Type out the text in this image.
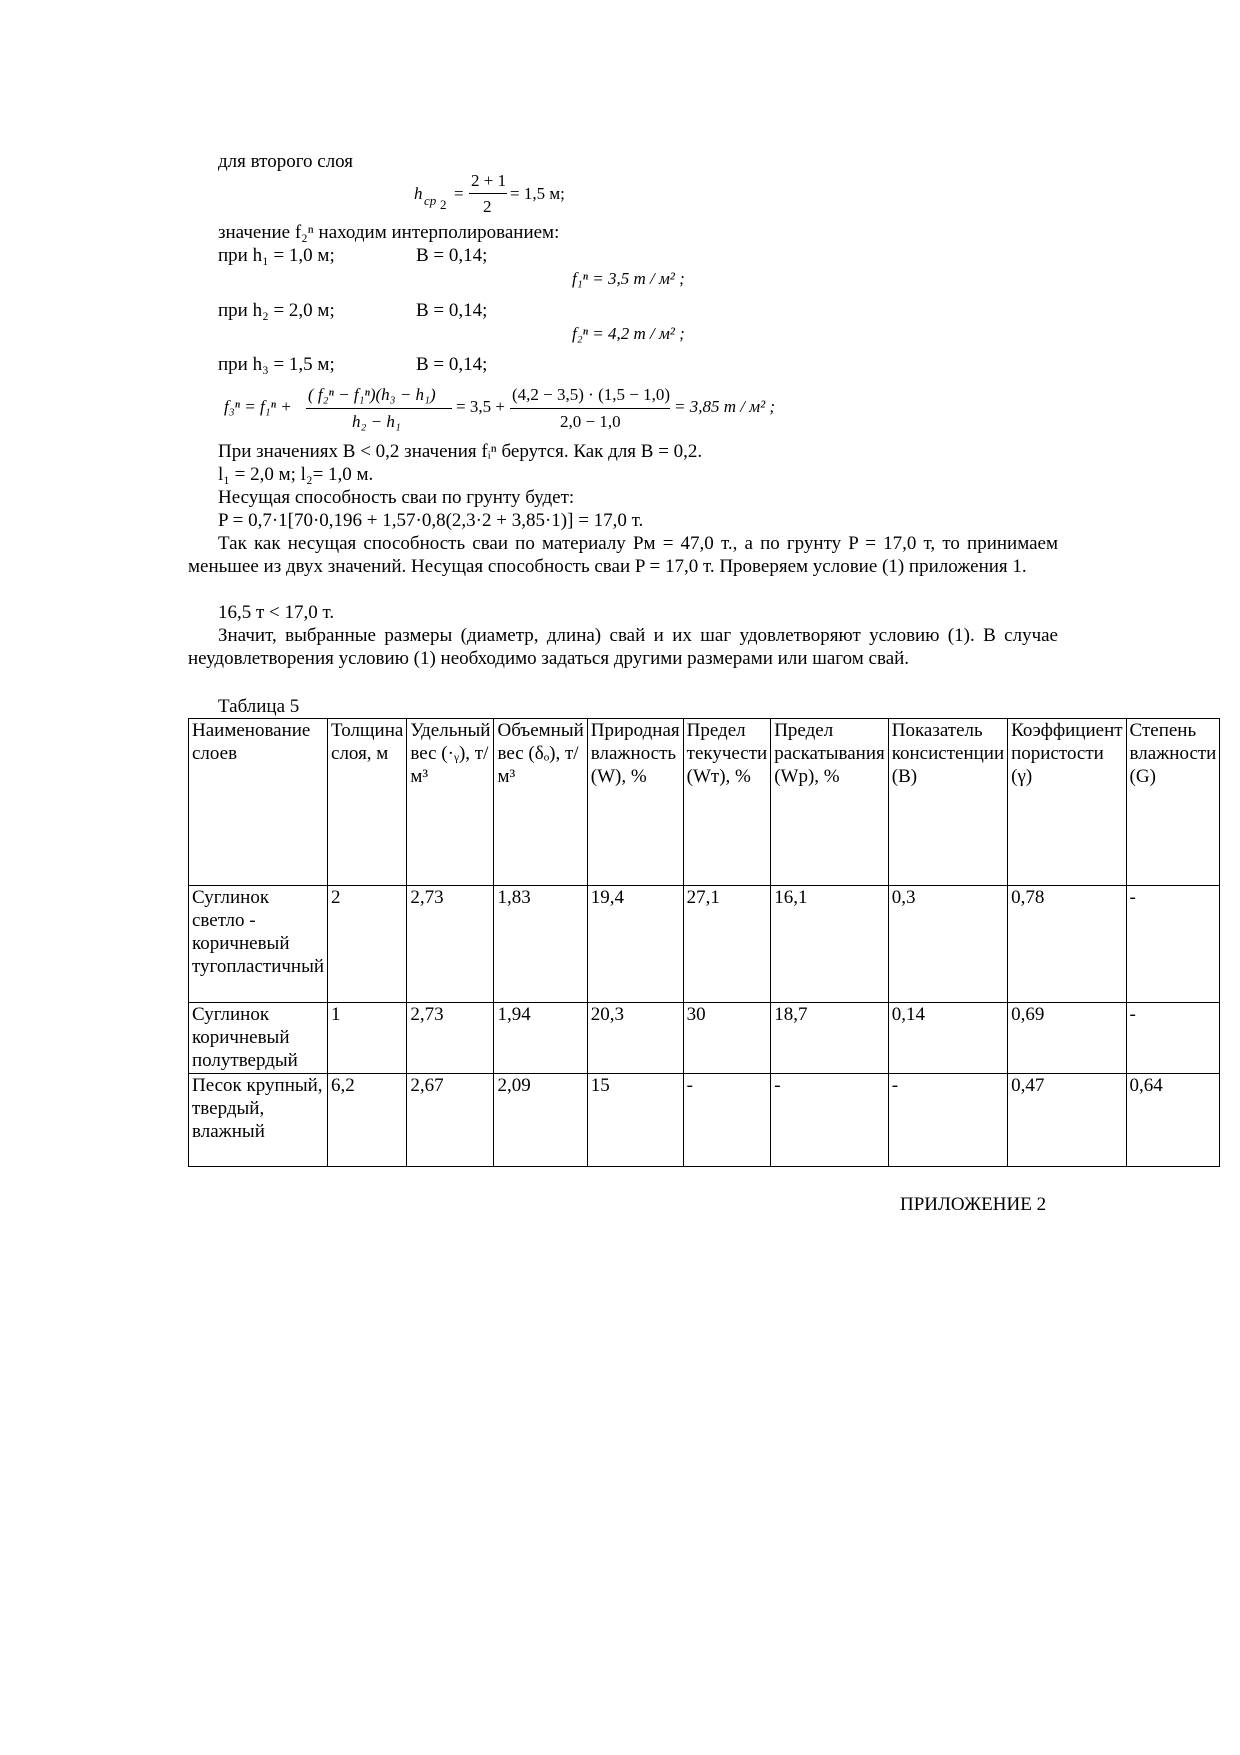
для второго слоя
h cp 2
=
2 + 1
2
= 1,5 м;
значение f₂ⁿ находим интерполированием:
при h₁ = 1,0 м;	B = 0,14;
f₁ⁿ = 3,5 т / м² ;
при h₂ = 2,0 м;	B = 0,14;
f₂ⁿ = 4,2 т / м² ;
при h₃ = 1,5 м;	B = 0,14;
f₃ⁿ = f₁ⁿ +
( f₂ⁿ − f₁ⁿ)(h₃ − h₁)
h₂ − h₁
= 3,5 +
(4,2 − 3,5) · (1,5 − 1,0)
2,0 − 1,0
= 3,85 т / м² ;
При значениях B < 0,2 значения fᵢⁿ берутся. Как для B = 0,2.
l₁ = 2,0 м; l₂= 1,0 м.
Несущая способность сваи по грунту будет:
P = 0,7·1[70·0,196 + 1,57·0,8(2,3·2 + 3,85·1)] = 17,0 т.
Так как несущая способность сваи по материалу Pм = 47,0 т., а по грунту P = 17,0 т, то принимаем меньшее из двух значений. Несущая способность сваи P = 17,0 т. Проверяем условие (1) приложения 1.
16,5 т < 17,0 т.
Значит, выбранные размеры (диаметр, длина) свай и их шаг удовлетворяют условию (1). В случае неудовлетворения условию (1) необходимо задаться другими размерами или шагом свай.
Таблица 5
Наименование слоев	Толщина слоя, м	Удельный вес (·ᵧ), т/м³	Объемный вес (δₒ), т/м³	Природная влажность (W), %	Предел текучести (Wт), %	Предел раскатывания (Wр), %	Показатель консистенции (B)	Коэффициент пористости (γ)	Степень влажности (G)
Суглинок светло - коричневый тугопластичный	2	2,73	1,83	19,4	27,1	16,1	0,3	0,78	-
Суглинок коричневый полутвердый	1	2,73	1,94	20,3	30	18,7	0,14	0,69	-
Песок крупный, твердый, влажный	6,2	2,67	2,09	15	-	-	-	0,47	0,64
ПРИЛОЖЕНИЕ 2
